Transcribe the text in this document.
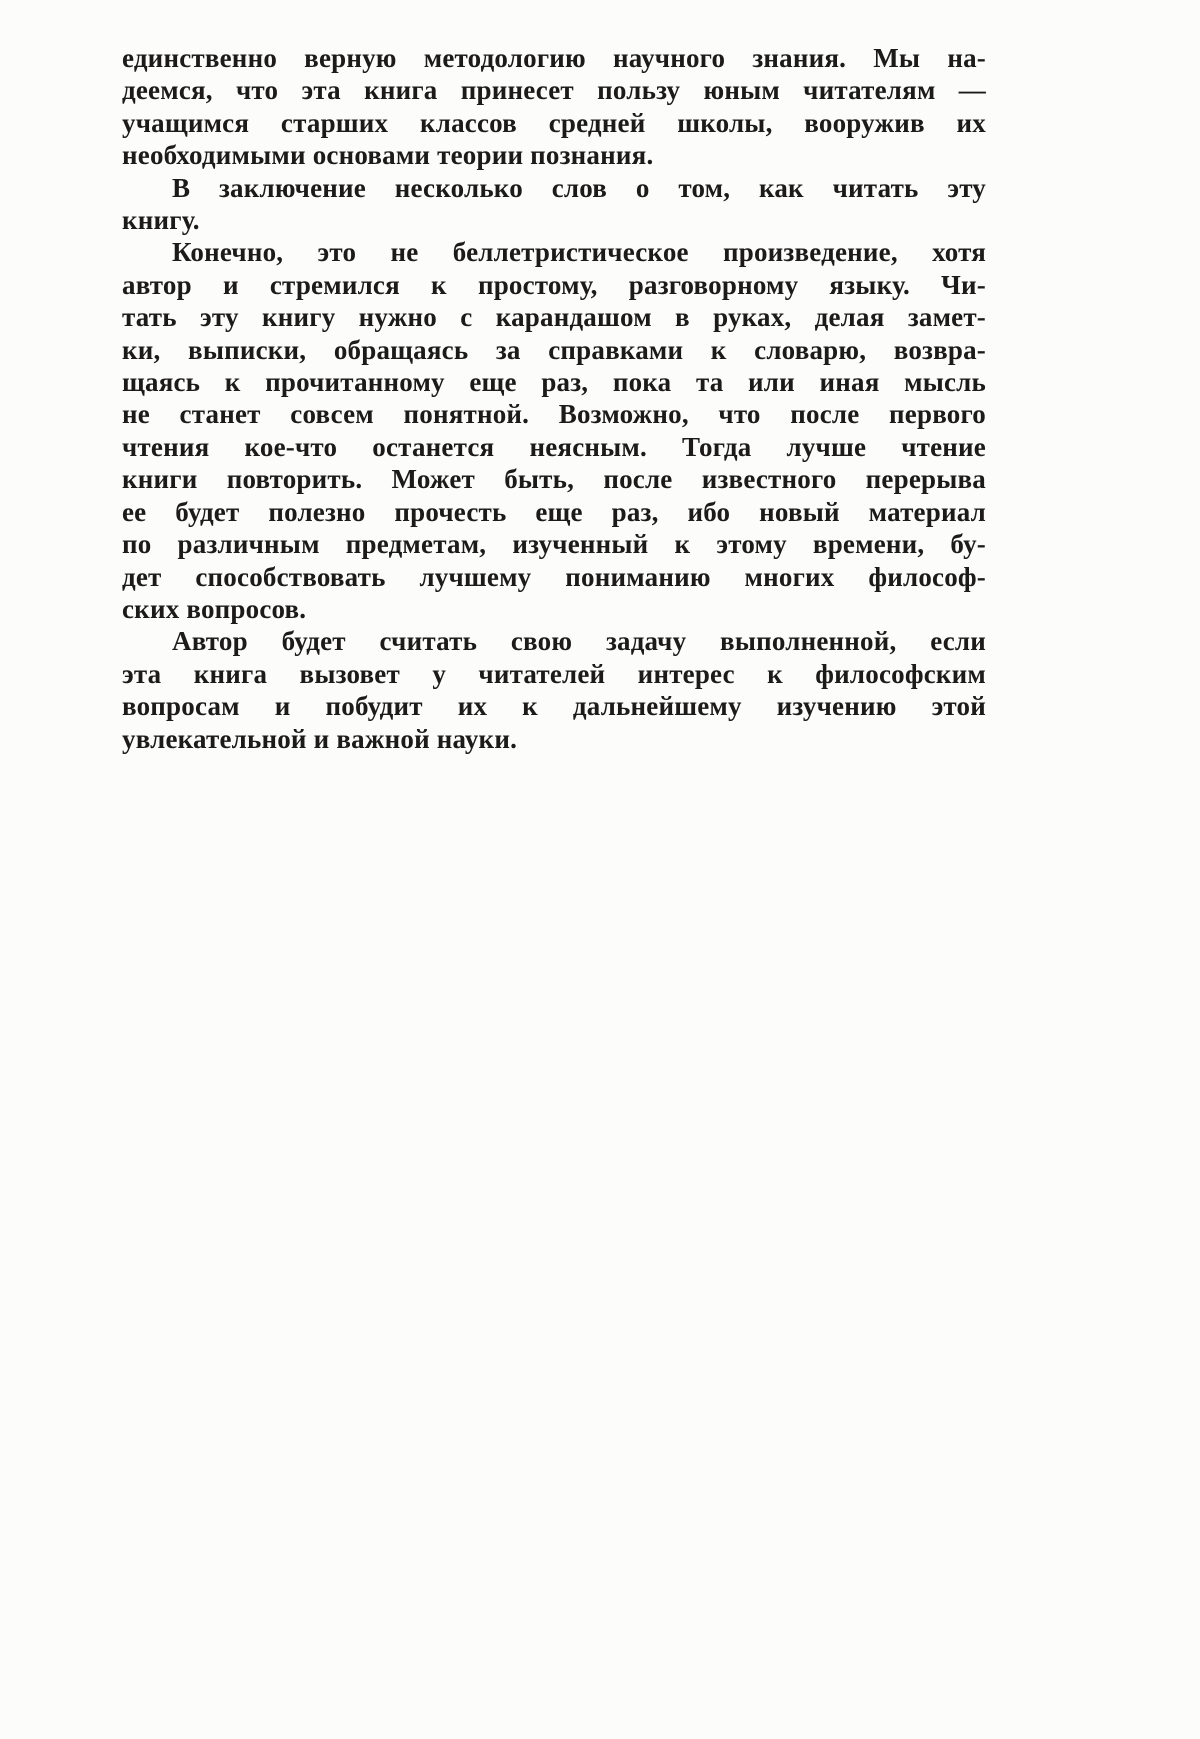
единственно верную методологию научного знания. Мы на-
деемся, что эта книга принесет пользу юным читателям —
учащимся старших классов средней школы, вооружив их
необходимыми основами теории познания.
В заключение несколько слов о том, как читать эту
книгу.
Конечно, это не беллетристическое произведение, хотя
автор и стремился к простому, разговорному языку. Чи-
тать эту книгу нужно с карандашом в руках, делая замет-
ки, выписки, обращаясь за справками к словарю, возвра-
щаясь к прочитанному еще раз, пока та или иная мысль
не станет совсем понятной. Возможно, что после первого
чтения кое-что останется неясным. Тогда лучше чтение
книги повторить. Может быть, после известного перерыва
ее будет полезно прочесть еще раз, ибо новый материал
по различным предметам, изученный к этому времени, бу-
дет способствовать лучшему пониманию многих философ-
ских вопросов.
Автор будет считать свою задачу выполненной, если
эта книга вызовет у читателей интерес к философским
вопросам и побудит их к дальнейшему изучению этой
увлекательной и важной науки.
